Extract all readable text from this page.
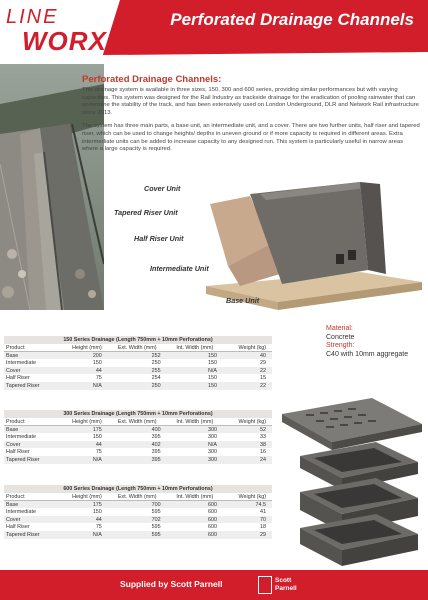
LINE
WORX
Perforated Drainage Channels
Perforated Drainage Channels:

This drainage system is available in three sizes, 150, 300 and 600 series, providing similar performances but with varying capacities. This system was designed for the Rail Industry as trackside drainage for the eradication of pooling rainwater that can undermine the stability of the track, and has been extensively used on London Underground, DLR and Network Rail infrastructure since 2013.

The system has three main parts, a base unit, an intermediate unit, and a cover. There are two further units, half riser and tapered riser, which can be used to change heights/ depths in uneven ground or if more capacity is required in different areas. Extra intermediate units can be added to increase capacity to any designed run. This system is particularly useful in narrow areas where a large capacity is required.

Cover Unit
Tapered Riser Unit
Half Riser Unit
Intermediate Unit
Base Unit
Material:
Concrete
Strength:
C40 with 10mm aggregate
150 Series Drainage (Length 750mm + 10mm Perforations)				
Product	Height (mm)	Ext. Width (mm)	Int. Width (mm)	Weight (kg)
Base	200	252	150	40
Intermediate	150	250	150	29
Cover	44	255	N/A	22
Half Riser	75	254	150	15
Tapered Riser	N/A	250	150	22
300 Series Drainage (Length 750mm + 10mm Perforations)				
Product	Height (mm)	Ext. Width (mm)	Int. Width (mm)	Weight (kg)
Base	175	400	300	52
Intermediate	150	395	300	33
Cover	44	402	N/A	38
Half Riser	75	395	300	16
Tapered Riser	N/A	395	300	24
600 Series Drainage (Length 750mm + 10mm Perforations)				
Product	Height (mm)	Ext. Width (mm)	Int. Width (mm)	Weight (kg)
Base	175	700	600	74.5
Intermediate	150	595	600	41
Cover	44	702	600	70
Half Riser	75	595	600	18
Tapered Riser	N/A	595	600	29
Supplied by Scott Parnell	Scott
Parnell
